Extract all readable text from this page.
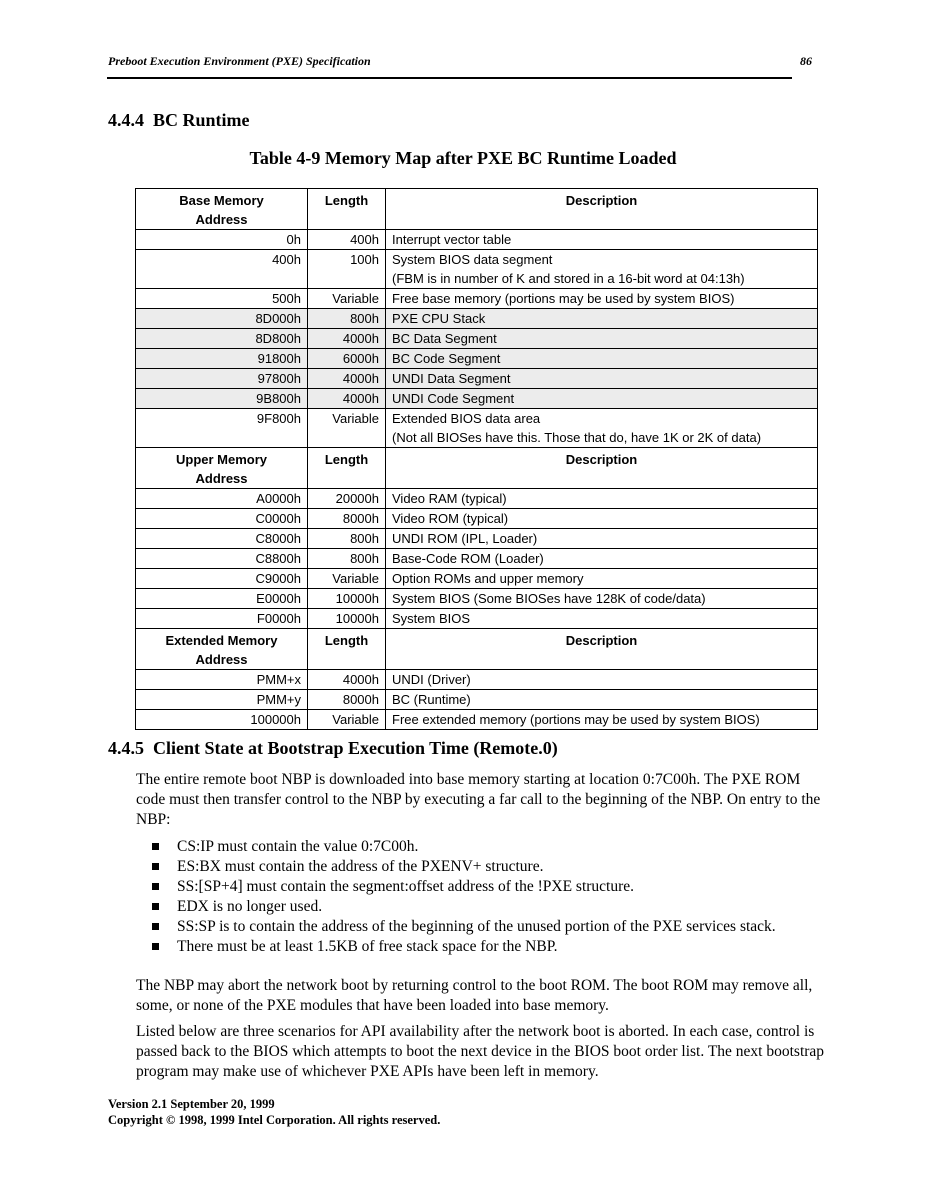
Preboot Execution Environment (PXE) Specification	86
4.4.4 BC Runtime
Table 4-9 Memory Map after PXE BC Runtime Loaded
Base Memory Address	Length	Description
0h	400h	Interrupt vector table

400h	100h	System BIOS data segment
(FBM is in number of K and stored in a 16-bit word at 04:13h)

500h	Variable	Free base memory (portions may be used by system BIOS)

8D000h	800h	PXE CPU Stack

8D800h	4000h	BC Data Segment

91800h	6000h	BC Code Segment

97800h	4000h	UNDI Data Segment

9B800h	4000h	UNDI Code Segment

9F800h	Variable	Extended BIOS data area
(Not all BIOSes have this. Those that do, have 1K or 2K of data)

Upper Memory Address	Length	Description
A0000h	20000h	Video RAM (typical)

C0000h	8000h	Video ROM (typical)

C8000h	800h	UNDI ROM (IPL, Loader)

C8800h	800h	Base-Code ROM (Loader)

C9000h	Variable	Option ROMs and upper memory

E0000h	10000h	System BIOS (Some BIOSes have 128K of code/data)

F0000h	10000h	System BIOS

Extended Memory Address	Length	Description
PMM+x	4000h	UNDI (Driver)

PMM+y	8000h	BC (Runtime)

100000h	Variable	Free extended memory (portions may be used by system BIOS)
4.4.5 Client State at Bootstrap Execution Time (Remote.0)
The entire remote boot NBP is downloaded into base memory starting at location 0:7C00h. The PXE ROM code must then transfer control to the NBP by executing a far call to the beginning of the NBP. On entry to the NBP:
CS:IP must contain the value 0:7C00h.
ES:BX must contain the address of the PXENV+ structure.
SS:[SP+4] must contain the segment:offset address of the !PXE structure.
EDX is no longer used.
SS:SP is to contain the address of the beginning of the unused portion of the PXE services stack.
There must be at least 1.5KB of free stack space for the NBP.
The NBP may abort the network boot by returning control to the boot ROM. The boot ROM may remove all, some, or none of the PXE modules that have been loaded into base memory.
Listed below are three scenarios for API availability after the network boot is aborted. In each case, control is passed back to the BIOS which attempts to boot the next device in the BIOS boot order list. The next bootstrap program may make use of whichever PXE APIs have been left in memory.
Version 2.1 September 20, 1999
Copyright © 1998, 1999 Intel Corporation. All rights reserved.
